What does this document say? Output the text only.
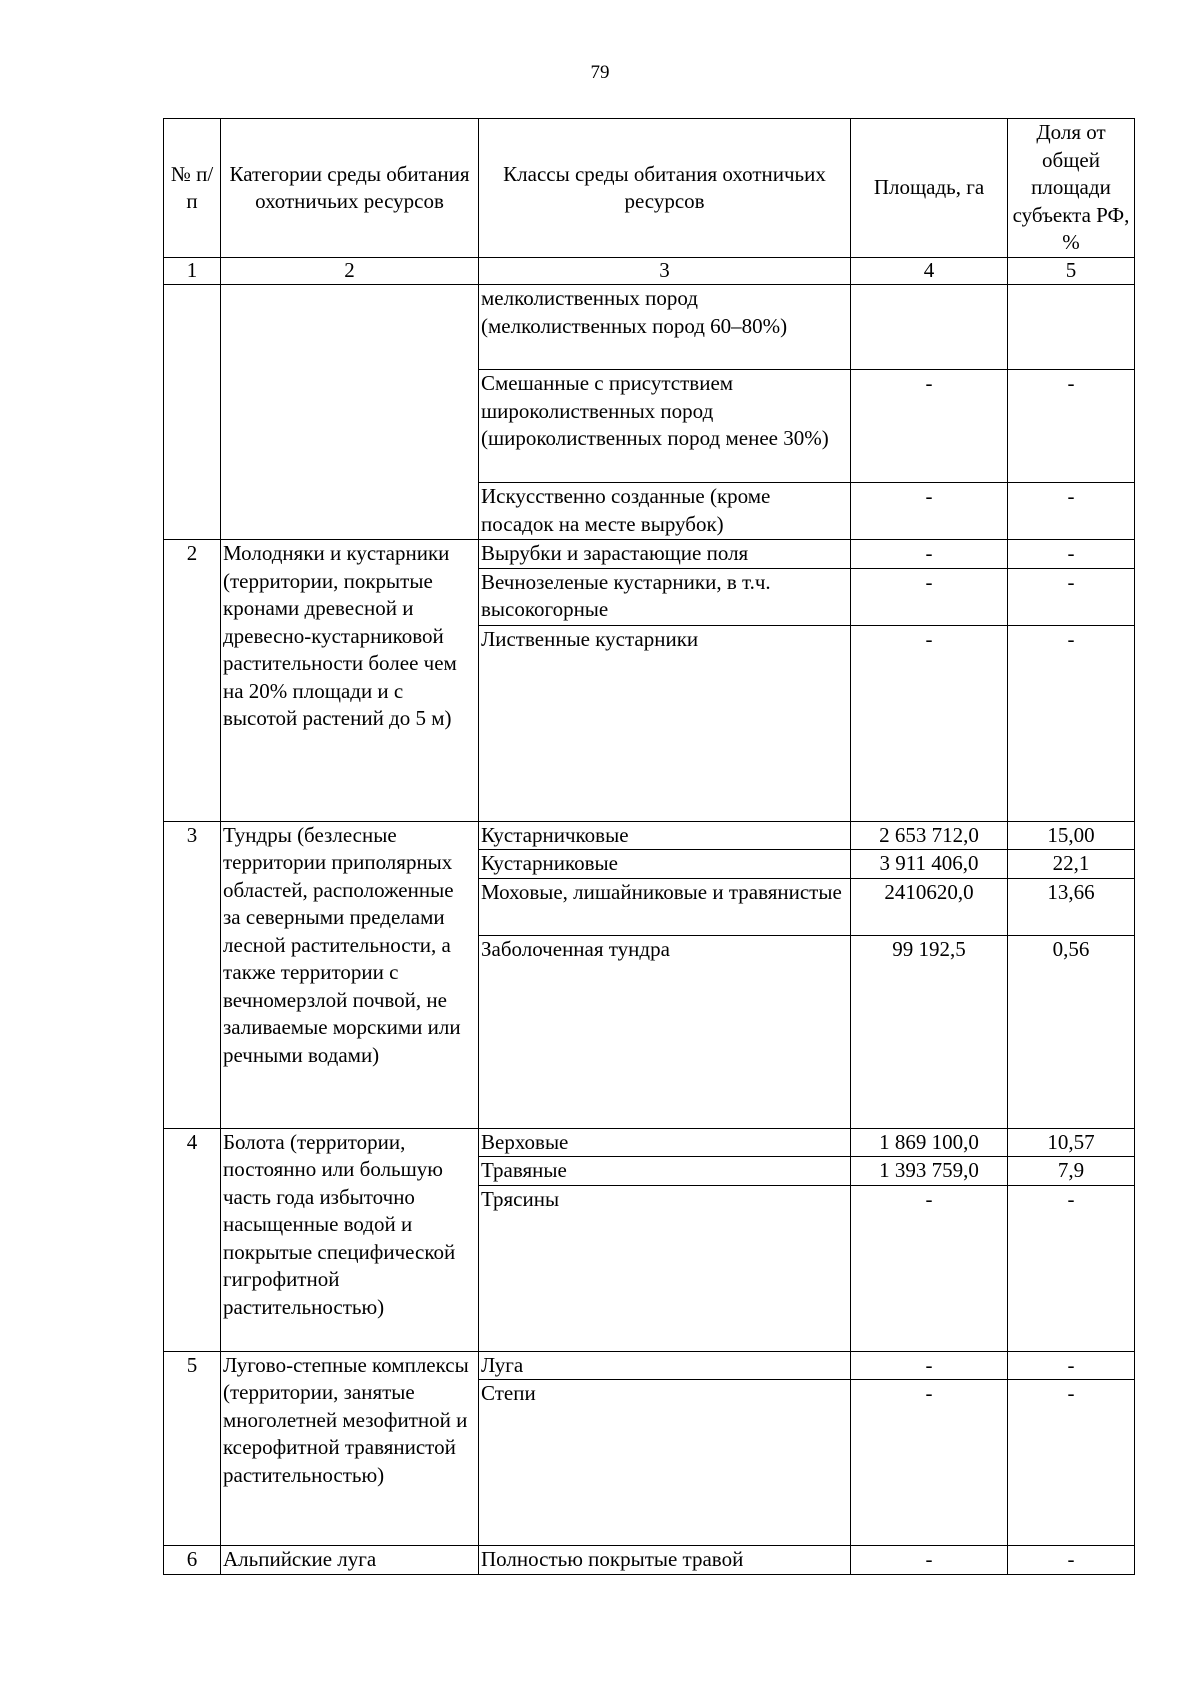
79
№ п/п	Категории среды обитания охотничьих ресурсов	Классы среды обитания охотничьих ресурсов	Площадь, га	Доля от общей площади субъекта РФ, %
1	2	3	4	5
		мелколиственных пород (мелколиственных пород 60–80%)		
		Смешанные с присутствием широколиственных пород (широколиственных пород менее 30%)	-	-
		Искусственно созданные (кроме посадок на месте вырубок)	-	-
2	Молодняки и кустарники (территории, покрытые кронами древесной и древесно-кустарниковой растительности более чем на 20% площади и с высотой растений до 5 м)	Вырубки и зарастающие поля	-	-
		Вечнозеленые кустарники, в т.ч. высокогорные	-	-
		Лиственные кустарники	-	-
3	Тундры (безлесные территории приполярных областей, расположенные за северными пределами лесной растительности, а также территории с вечномерзлой почвой, не заливаемые морскими или речными водами)	Кустарничковые	2 653 712,0	15,00
		Кустарниковые	3 911 406,0	22,1
		Моховые, лишайниковые и травянистые	2410620,0	13,66
		Заболоченная тундра	99 192,5	0,56
4	Болота (территории, постоянно или большую часть года избыточно насыщенные водой и покрытые специфической гигрофитной растительностью)	Верховые	1 869 100,0	10,57
		Травяные	1 393 759,0	7,9
		Трясины	-	-
5	Лугово-степные комплексы (территории, занятые многолетней мезофитной и ксерофитной травянистой растительностью)	Луга	-	-
		Степи	-	-
6	Альпийские луга	Полностью покрытые травой	-	-
